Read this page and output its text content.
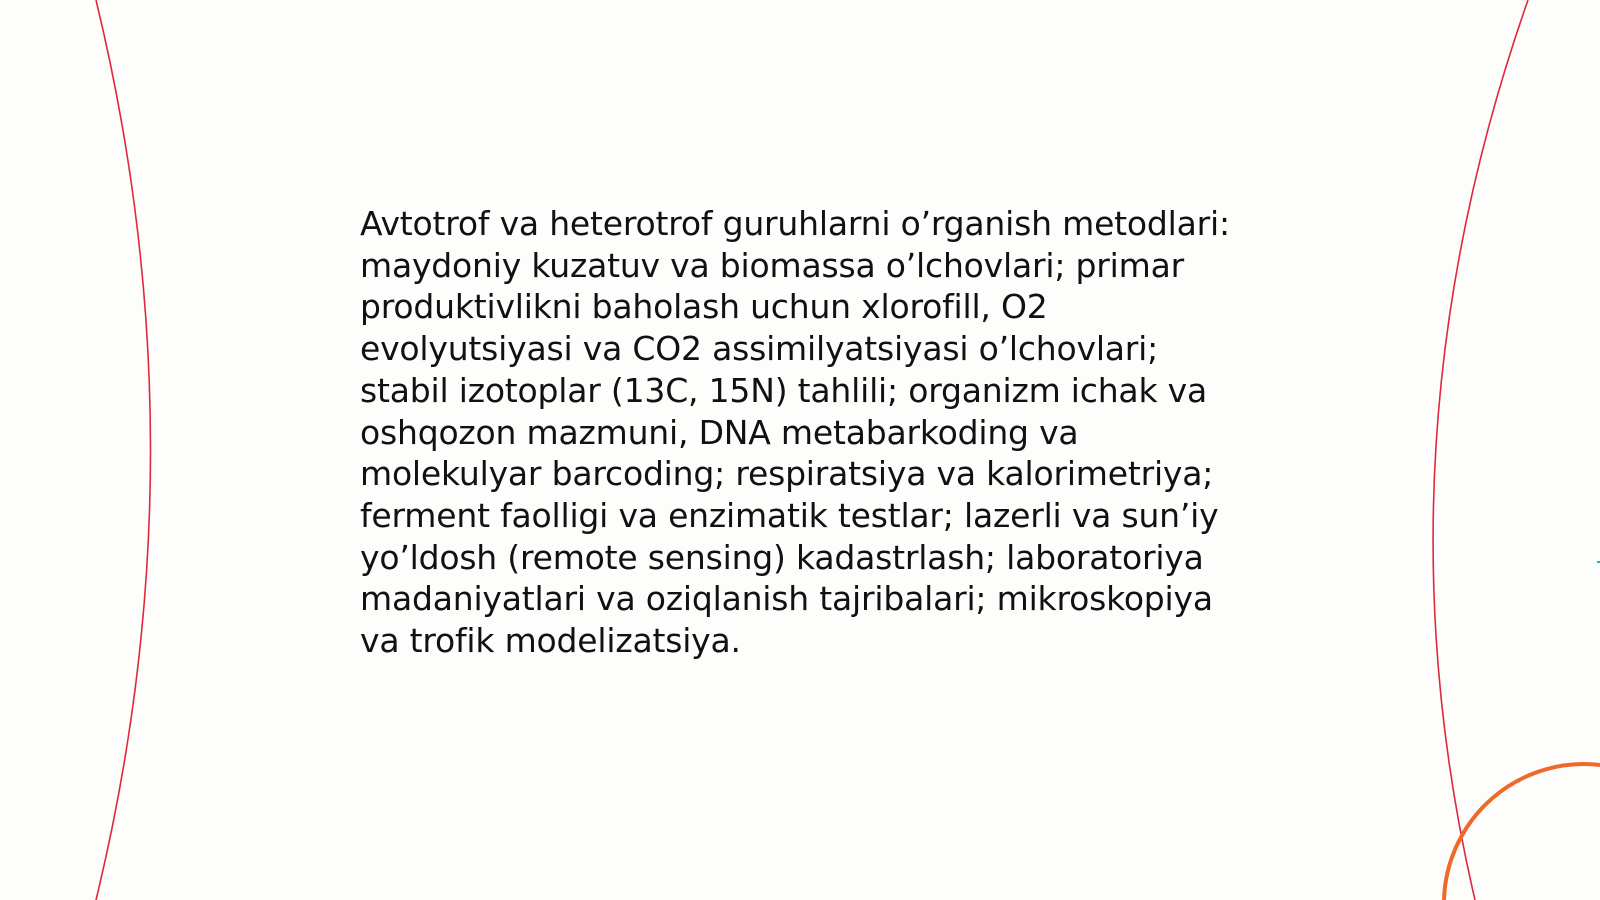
Avtotrof va heterotrof guruhlarni o’rganish metodlari: maydoniy kuzatuv va biomassa o’lchovlari; primar produktivlikni baholash uchun xlorofill, O2 evolyutsiyasi va CO2 assimilyatsiyasi o’lchovlari; stabil izotoplar (13C, 15N) tahlili; organizm ichak va oshqozon mazmuni, DNA metabarkoding va molekulyar barcoding; respiratsiya va kalorimetriya; ferment faolligi va enzimatik testlar; lazerli va sun’iy yo’ldosh (remote sensing) kadastrlash; laboratoriya madaniyatlari va oziqlanish tajribalari; mikroskopiya va trofik modelizatsiya.
